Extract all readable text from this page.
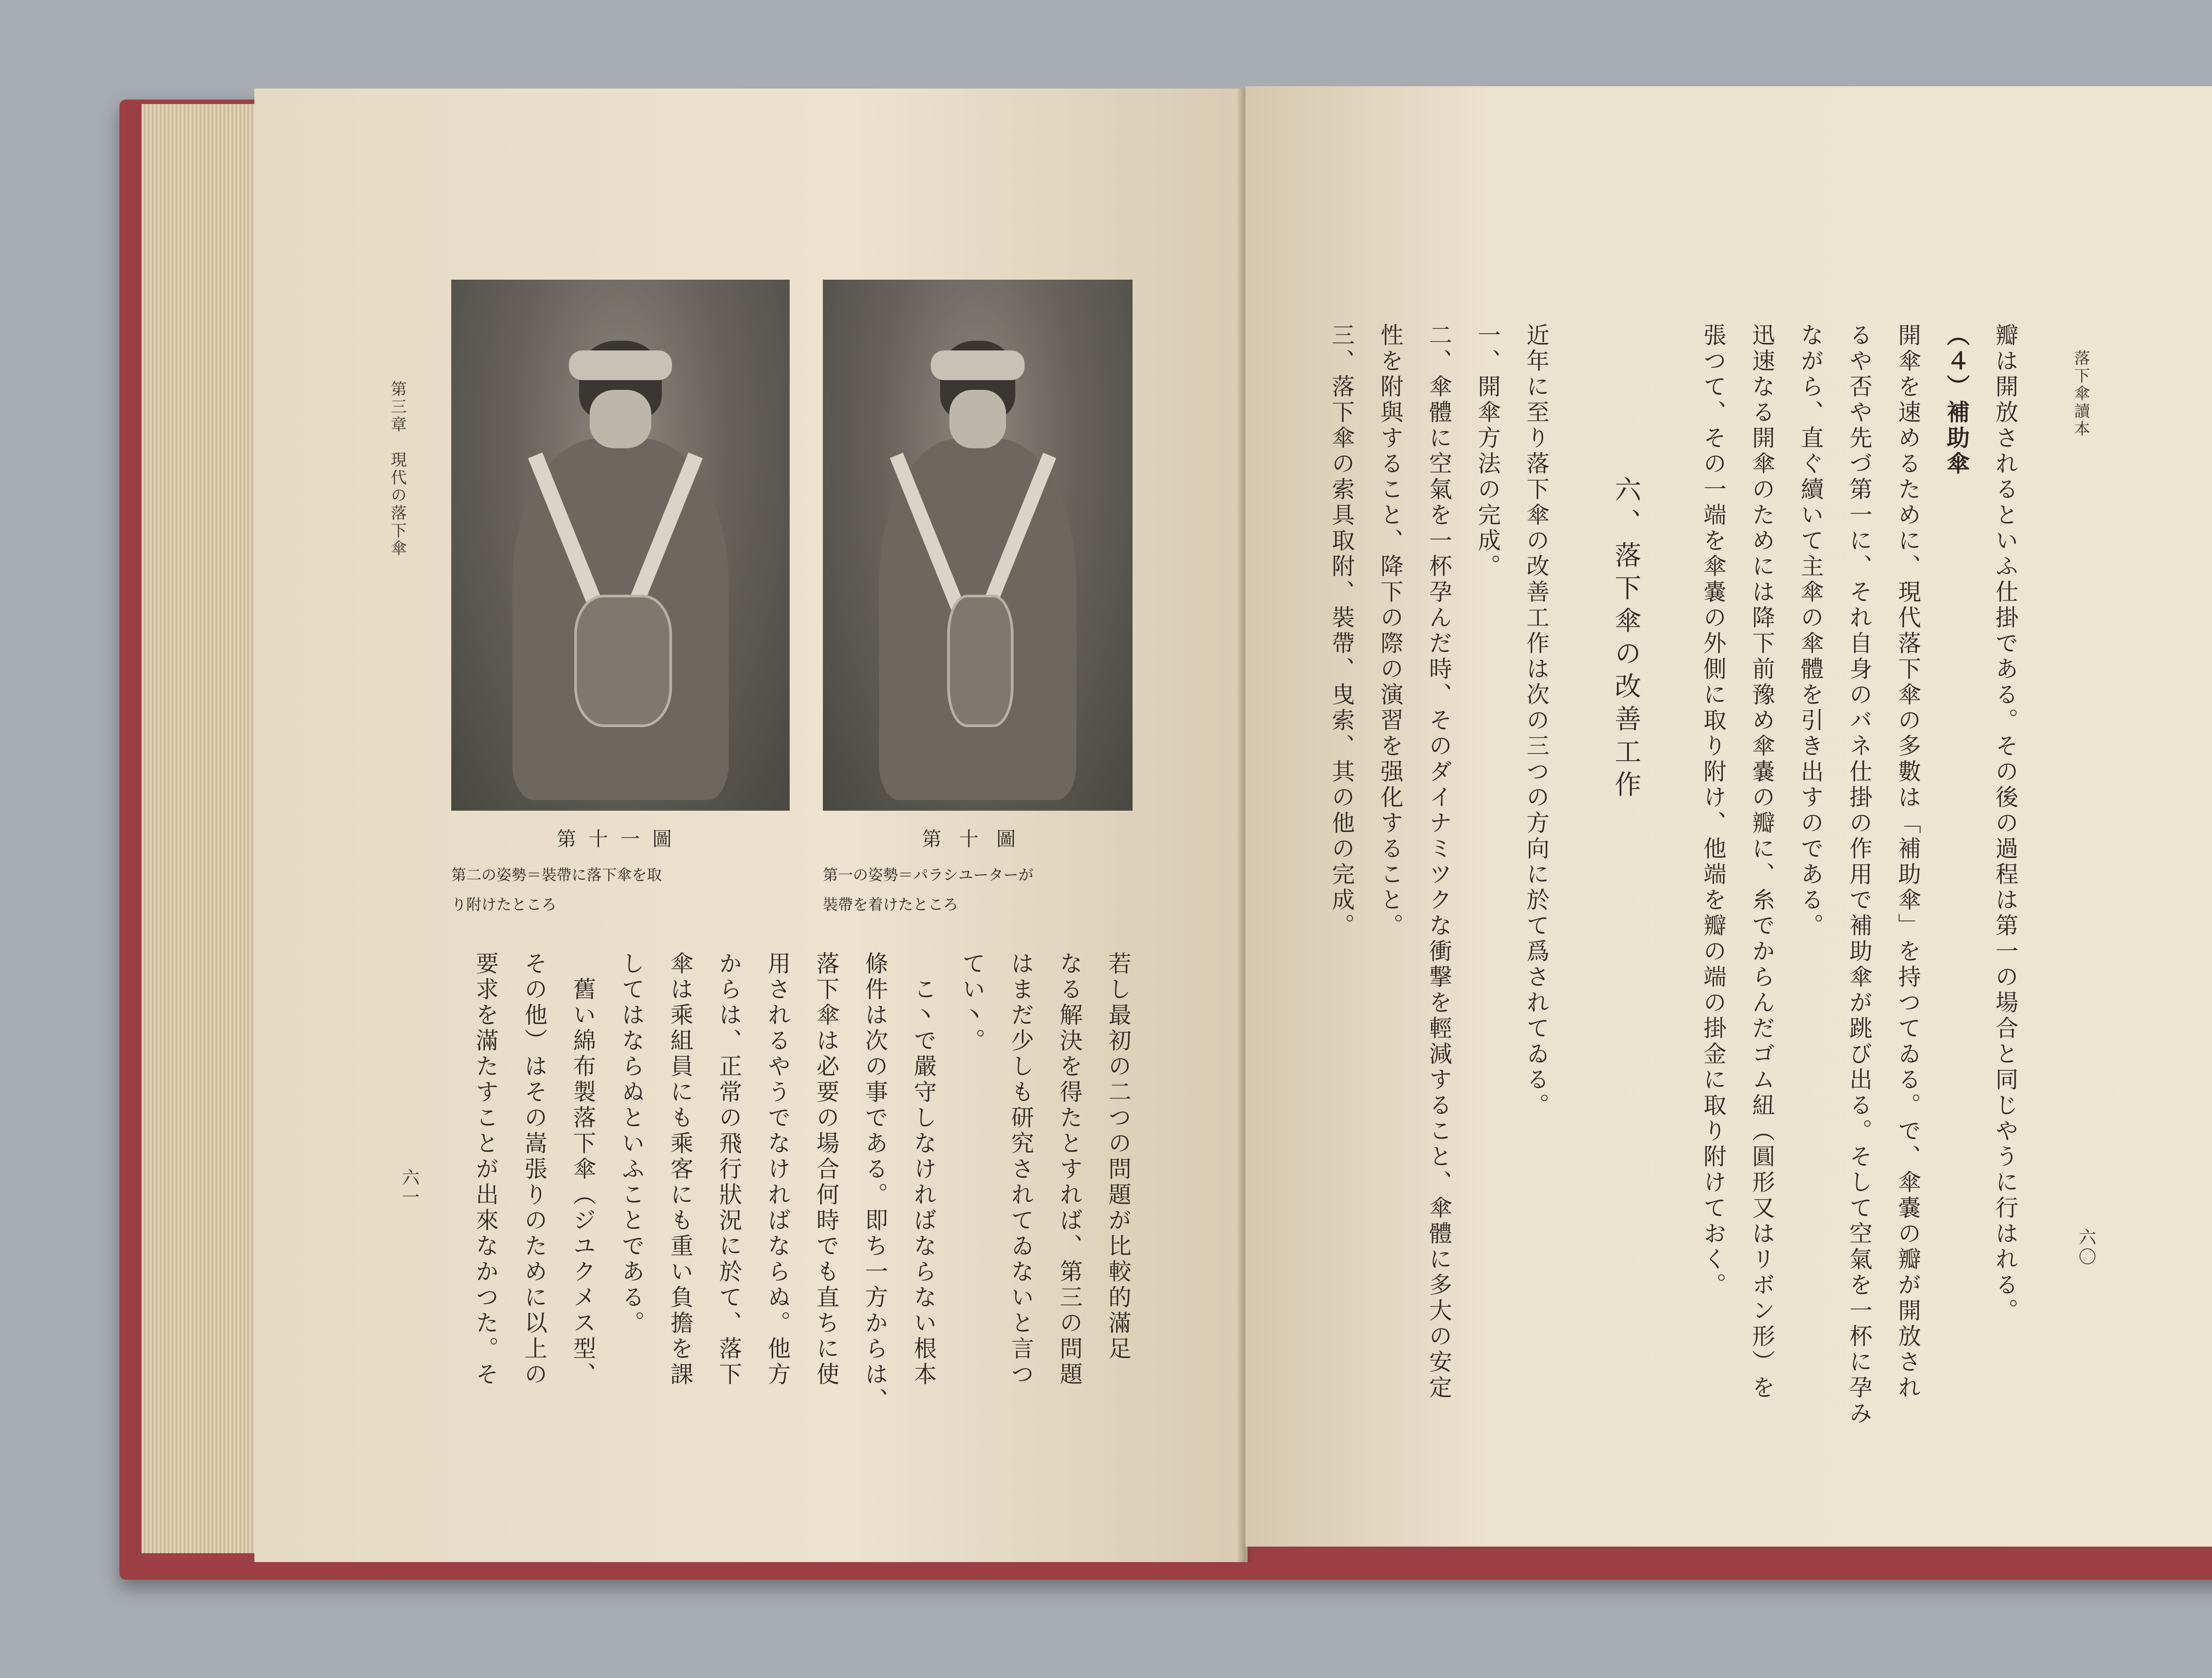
第三章　現代の落下傘
第十一圖
第二の姿勢＝裝帶に落下傘を取
り附けたところ
第十圖
第一の姿勢＝パラシユーターが
裝帶を着けたところ
若し最初の二つの問題が比較的滿足
なる解決を得たとすれば、第三の問題
はまだ少しも研究されてゐないと言つ
てい丶。
　こ丶で嚴守しなければならない根本
條件は次の事である。即ち一方からは、
落下傘は必要の場合何時でも直ちに使
用されるやうでなければならぬ。他方
からは、正常の飛行狀況に於て、落下
傘は乘組員にも乘客にも重い負擔を課
してはならぬといふことである。
　舊い綿布製落下傘（ジユクメス型、
その他）はその嵩張りのために以上の
要求を滿たすことが出來なかつた。そ
六一
落下傘讀本
瓣は開放されるといふ仕掛である。その後の過程は第一の場合と同じやうに行はれる。
（４）補助傘
開傘を速めるために、現代落下傘の多數は「補助傘」を持つてゐる。で、傘嚢の瓣が開放され
るや否や先づ第一に、それ自身のバネ仕掛の作用で補助傘が跳び出る。そして空氣を一杯に孕み
ながら、直ぐ續いて主傘の傘體を引き出すのである。
迅速なる開傘のためには降下前豫め傘嚢の瓣に、糸でからんだゴム紐（圓形又はリボン形）を
張つて、その一端を傘嚢の外側に取り附け、他端を瓣の端の掛金に取り附けておく。
六、落下傘の改善工作
近年に至り落下傘の改善工作は次の三つの方向に於て爲されてゐる。
一、開傘方法の完成。
二、傘體に空氣を一杯孕んだ時、そのダイナミツクな衝撃を輕減すること、傘體に多大の安定
性を附與すること、降下の際の演習を强化すること。
三、落下傘の索具取附、裝帶、曳索、其の他の完成。
六〇
